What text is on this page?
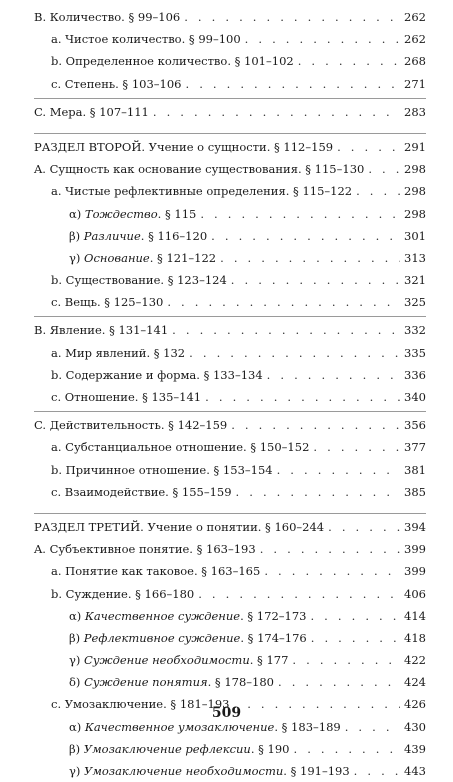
B. Количество. § 99–106 . . .	262
a. Чистое количество. § 99–100 . . .	262
b. Определенное количество. § 101–102 . . .	268
c. Степень. § 103–106 . . .	271
C. Мера. § 107–111 . . .	283
РАЗДЕЛ ВТОРОЙ. Учение о сущности. § 112–159 . . .	291
A. Сущность как основание существования. § 115–130 . . .	298
a. Чистые рефлективные определения. § 115–122 . . .	298
α) Тождество. § 115 . . .	298
β) Различие. § 116–120 . . .	301
γ) Основание. § 121–122 . . .	313
b. Существование. § 123–124 . . .	321
c. Вещь. § 125–130 . . .	325
B. Явление. § 131–141 . . .	332
a. Мир явлений. § 132 . . .	335
b. Содержание и форма. § 133–134 . . .	336
c. Отношение. § 135–141 . . .	340
C. Действительность. § 142–159 . . .	356
a. Субстанциальное отношение. § 150–152 . . .	377
b. Причинное отношение. § 153–154 . . .	381
c. Взаимодействие. § 155–159 . . .	385
РАЗДЕЛ ТРЕТИЙ. Учение о понятии. § 160–244 . . .	394
A. Субъективное понятие. § 163–193 . . .	399
a. Понятие как таковое. § 163–165 . . .	399
b. Суждение. § 166–180 . . .	406
α) Качественное суждение. § 172–173 . . .	414
β) Рефлективное суждение. § 174–176 . . .	418
γ) Суждение необходимости. § 177 . . .	422
δ) Суждение понятия. § 178–180 . . .	424
c. Умозаключение. § 181–193 . . .	426
α) Качественное умозаключение. § 183–189 . . .	430
β) Умозаключение рефлексии. § 190 . . .	439
γ) Умозаключение необходимости. § 191–193 . . .	443
509
